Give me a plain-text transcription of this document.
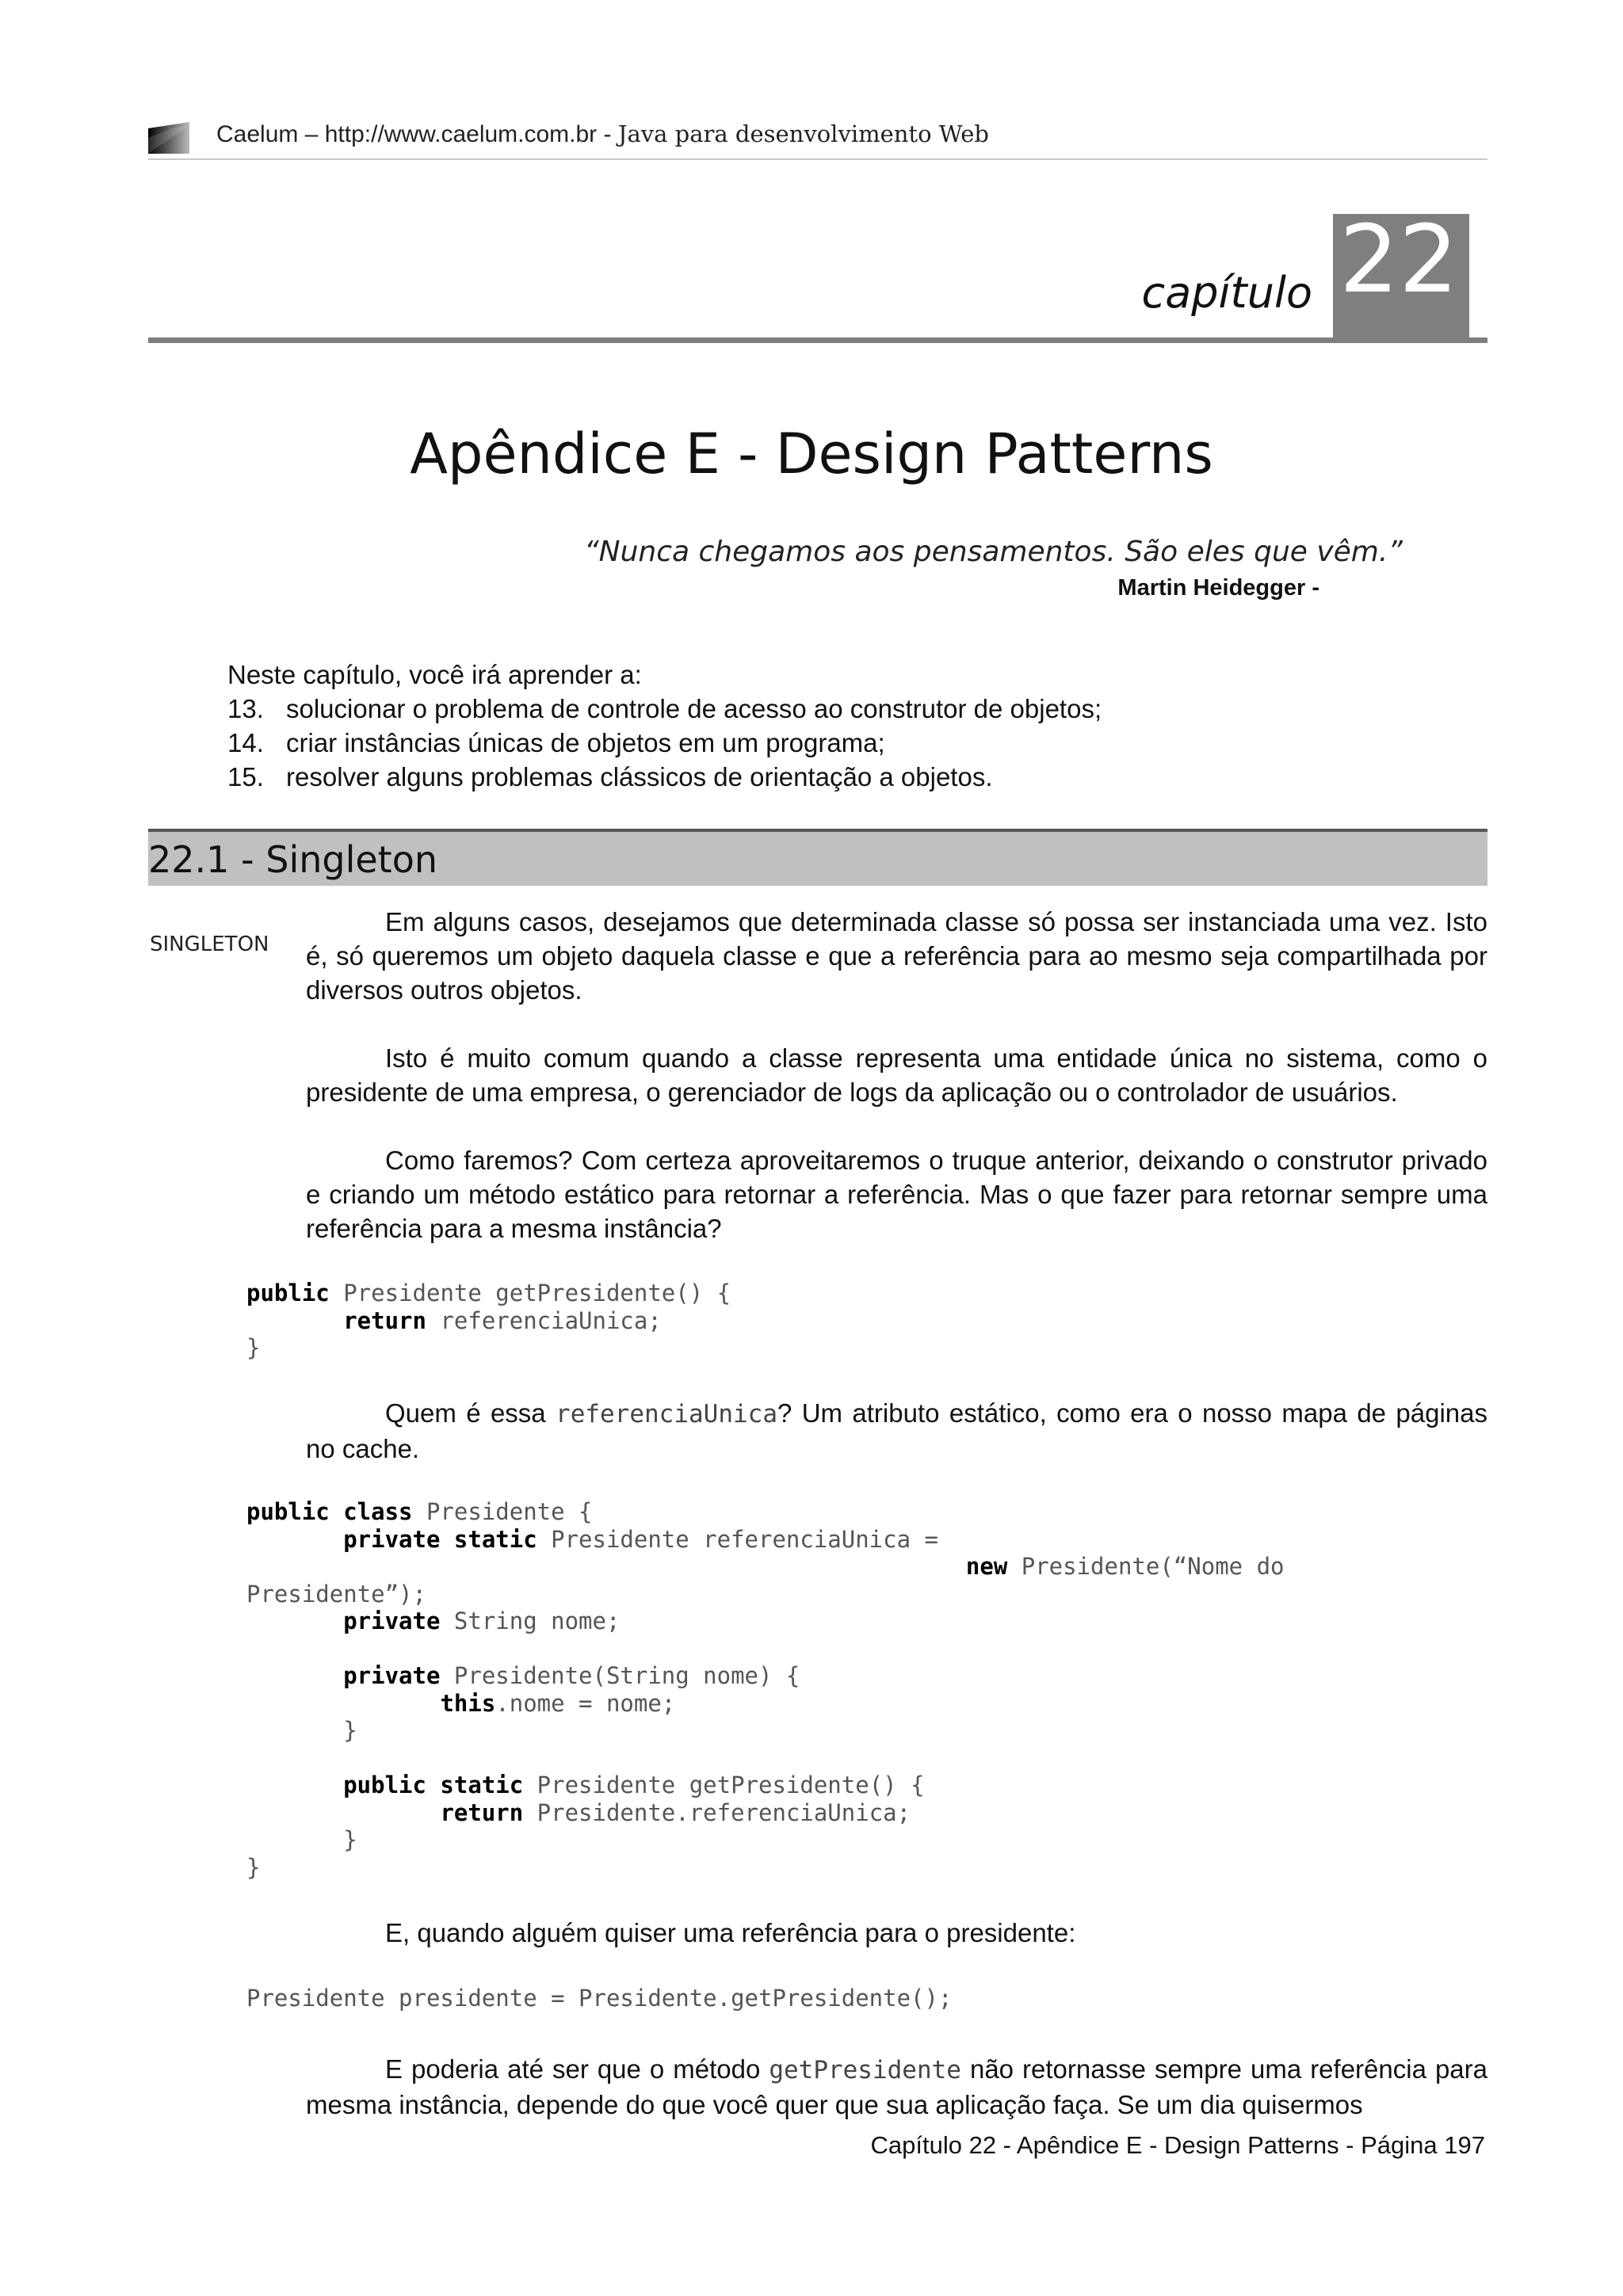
Caelum – http://www.caelum.com.br - Java para desenvolvimento Web
capítulo 22
Apêndice E - Design Patterns
“Nunca chegamos aos pensamentos. São eles que vêm.”
Martin Heidegger -
Neste capítulo, você irá aprender a:
13. solucionar o problema de controle de acesso ao construtor de objetos;
14. criar instâncias únicas de objetos em um programa;
15. resolver alguns problemas clássicos de orientação a objetos.
22.1 - Singleton
SINGLETON
Em alguns casos, desejamos que determinada classe só possa ser instanciada uma vez. Isto é, só queremos um objeto daquela classe e que a referência para ao mesmo seja compartilhada por diversos outros objetos.
Isto é muito comum quando a classe representa uma entidade única no sistema, como o presidente de uma empresa, o gerenciador de logs da aplicação ou o controlador de usuários.
Como faremos? Com certeza aproveitaremos o truque anterior, deixando o construtor privado e criando um método estático para retornar a referência. Mas o que fazer para retornar sempre uma referência para a mesma instância?
public Presidente getPresidente() {
return referenciaUnica;
}
Quem é essa referenciaUnica? Um atributo estático, como era o nosso mapa de páginas no cache.
public class Presidente {
private static Presidente referenciaUnica =
new Presidente(“Nome do
Presidente”);
private String nome;

private Presidente(String nome) {
this.nome = nome;
}

public static Presidente getPresidente() {
return Presidente.referenciaUnica;
}
}
E, quando alguém quiser uma referência para o presidente:
Presidente presidente = Presidente.getPresidente();
E poderia até ser que o método getPresidente não retornasse sempre uma referência para mesma instância, depende do que você quer que sua aplicação faça. Se um dia quisermos
Capítulo 22 - Apêndice E - Design Patterns - Página 197
